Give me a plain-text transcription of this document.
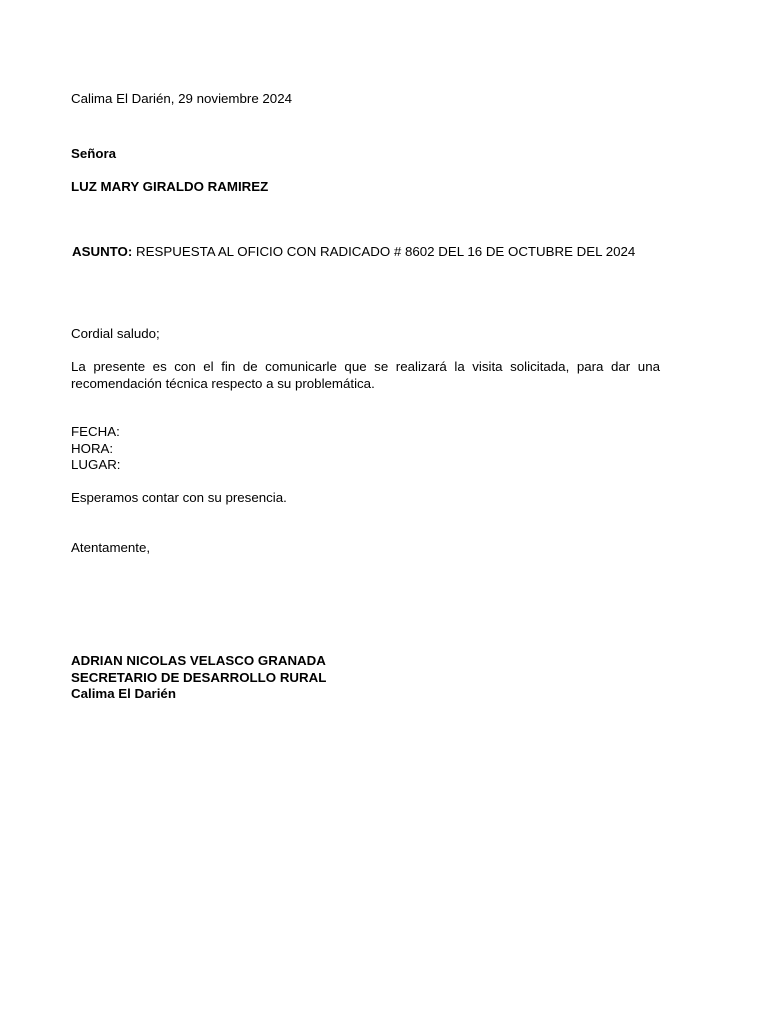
Calima El Darién, 29 noviembre 2024

Señora

LUZ MARY GIRALDO RAMIREZ

ASUNTO: RESPUESTA AL OFICIO CON RADICADO # 8602 DEL 16 DE OCTUBRE DEL 2024

Cordial saludo;

La presente es con el fin de comunicarle que se realizará la visita solicitada, para dar una recomendación técnica respecto a su problemática.

FECHA:
HORA:
LUGAR:

Esperamos contar con su presencia.

Atentamente,

ADRIAN NICOLAS VELASCO GRANADA
SECRETARIO DE DESARROLLO RURAL
Calima El Darién
